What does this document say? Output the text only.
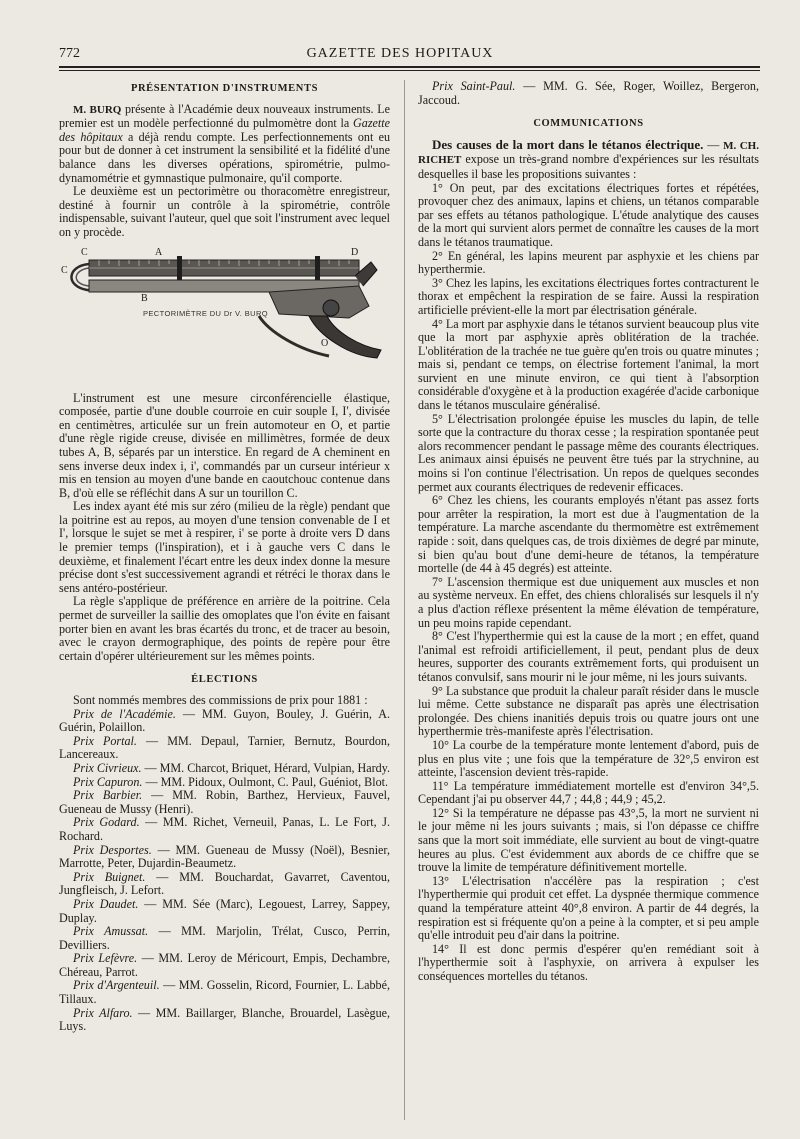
772	GAZETTE DES HOPITAUX
PRÉSENTATION D'INSTRUMENTS

M. BURQ présente à l'Académie deux nouveaux instruments. Le premier est un modèle perfectionné du pulmomètre dont la Gazette des hôpitaux a déjà rendu compte. Les perfectionnements ont eu pour but de donner à cet instrument la sensibilité et la fidélité d'une balance dans les diverses opérations, spirométrie, pulmo-dynamométrie et gymnastique pulmonaire, qu'il comporte.

Le deuxième est un pectorimètre ou thoracomètre enregistreur, destiné à fournir un contrôle à la spirométrie, contrôle indispensable, suivant l'auteur, quel que soit l'instrument avec lequel on y procède.

C	A	D
C
B
O
PECTORIMÈTRE DU Dr V. BURQ

L'instrument est une mesure circonférencielle élastique, composée, partie d'une double courroie en cuir souple I, I', divisée en centimètres, articulée sur un frein automoteur en O, et partie d'une règle rigide creuse, divisée en millimètres, formée de deux tubes A, B, séparés par un interstice. En regard de A cheminent en sens inverse deux index i, i', commandés par un curseur intérieur x mis en tension au moyen d'une bande en caoutchouc contenue dans B, d'où elle se réfléchit dans A sur un tourillon C.

Les index ayant été mis sur zéro (milieu de la règle) pendant que la poitrine est au repos, au moyen d'une tension convenable de I et I', lorsque le sujet se met à respirer, i' se porte à droite vers D dans le premier temps (l'inspiration), et i à gauche vers C dans le deuxième, et finalement l'écart entre les deux index donne la mesure précise dont s'est successivement agrandi et rétréci le thorax dans le sens antéro-postérieur.

La règle s'applique de préférence en arrière de la poitrine. Cela permet de surveiller la saillie des omoplates que l'on évite en faisant porter bien en avant les bras écartés du tronc, et de tracer au besoin, avec le crayon dermographique, des points de repère pour être certain d'opérer ultérieurement sur les mêmes points.

ÉLECTIONS

Sont nommés membres des commissions de prix pour 1881 :

Prix de l'Académie. — MM. Guyon, Bouley, J. Guérin, A. Guérin, Polaillon.

Prix Portal. — MM. Depaul, Tarnier, Bernutz, Bourdon, Lancereaux.

Prix Civrieux. — MM. Charcot, Briquet, Hérard, Vulpian, Hardy.

Prix Capuron. — MM. Pidoux, Oulmont, C. Paul, Guéniot, Blot.

Prix Barbier. — MM. Robin, Barthez, Hervieux, Fauvel, Gueneau de Mussy (Henri).

Prix Godard. — MM. Richet, Verneuil, Panas, L. Le Fort, J. Rochard.

Prix Desportes. — MM. Gueneau de Mussy (Noël), Besnier, Marrotte, Peter, Dujardin-Beaumetz.

Prix Buignet. — MM. Bouchardat, Gavarret, Caventou, Jungfleisch, J. Lefort.

Prix Daudet. — MM. Sée (Marc), Legouest, Larrey, Sappey, Duplay.

Prix Amussat. — MM. Marjolin, Trélat, Cusco, Perrin, Devilliers.

Prix Lefèvre. — MM. Leroy de Méricourt, Empis, Dechambre, Chéreau, Parrot.

Prix d'Argenteuil. — MM. Gosselin, Ricord, Fournier, L. Labbé, Tillaux.

Prix Alfaro. — MM. Baillarger, Blanche, Brouardel, Lasègue, Luys.

Prix Saint-Paul. — MM. G. Sée, Roger, Woillez, Bergeron, Jaccoud.

COMMUNICATIONS

Des causes de la mort dans le tétanos électrique. — M. CH. RICHET expose un très-grand nombre d'expériences sur les résultats desquelles il base les propositions suivantes :

1° On peut, par des excitations électriques fortes et répétées, provoquer chez des animaux, lapins et chiens, un tétanos comparable par ses effets au tétanos pathologique. L'étude analytique des causes de la mort qui survient alors permet de connaître les causes de la mort dans le tétanos traumatique.

2° En général, les lapins meurent par asphyxie et les chiens par hyperthermie.

3° Chez les lapins, les excitations électriques fortes contracturent le thorax et empêchent la respiration de se faire. Aussi la respiration artificielle prévient-elle la mort par électrisation générale.

4° La mort par asphyxie dans le tétanos survient beaucoup plus vite que la mort par asphyxie après oblitération de la trachée. L'oblitération de la trachée ne tue guère qu'en trois ou quatre minutes ; mais si, pendant ce temps, on électrise fortement l'animal, la mort survient en une minute environ, ce qui tient à l'absorption considérable d'oxygène et à la production exagérée d'acide carbonique dans le tétanos musculaire généralisé.

5° L'électrisation prolongée épuise les muscles du lapin, de telle sorte que la contracture du thorax cesse ; la respiration spontanée peut alors recommencer pendant le passage même des courants électriques. Les animaux ainsi épuisés ne peuvent être tués par la strychnine, au moins si l'on continue l'électrisation. Un repos de quelques secondes permet aux courants électriques de redevenir efficaces.

6° Chez les chiens, les courants employés n'étant pas assez forts pour arrêter la respiration, la mort est due à l'augmentation de la température. La marche ascendante du thermomètre est extrêmement rapide : soit, dans quelques cas, de trois dixièmes de degré par minute, si bien qu'au bout d'une demi-heure de tétanos, la température mortelle (de 44 à 45 degrés) est atteinte.

7° L'ascension thermique est due uniquement aux muscles et non au système nerveux. En effet, des chiens chloralisés sur lesquels il n'y a plus d'action réflexe présentent la même élévation de température, un peu moins rapide cependant.

8° C'est l'hyperthermie qui est la cause de la mort ; en effet, quand l'animal est refroidi artificiellement, il peut, pendant plus de deux heures, supporter des courants extrêmement forts, qui produisent un tétanos convulsif, sans mourir ni le jour même, ni les jours suivants.

9° La substance que produit la chaleur paraît résider dans le muscle lui même. Cette substance ne disparaît pas après une électrisation prolongée. Des chiens inanitiés depuis trois ou quatre jours ont une hyperthermie très-manifeste après l'électrisation.

10° La courbe de la température monte lentement d'abord, puis de plus en plus vite ; une fois que la température de 32°,5 environ est atteinte, l'ascension devient très-rapide.

11° La température immédiatement mortelle est d'environ 34°,5. Cependant j'ai pu observer 44,7 ; 44,8 ; 44,9 ; 45,2.

12° Si la température ne dépasse pas 43°,5, la mort ne survient ni le jour même ni les jours suivants ; mais, si l'on dépasse ce chiffre sans que la mort soit immédiate, elle survient au bout de vingt-quatre heures au plus. C'est évidemment aux abords de ce chiffre que se trouve la limite de température définitivement mortelle.

13° L'électrisation n'accélère pas la respiration ; c'est l'hyperthermie qui produit cet effet. La dyspnée thermique commence quand la température atteint 40°,8 environ. A partir de 44 degrés, la respiration est si fréquente qu'on a peine à la compter, et si peu ample qu'elle introduit peu d'air dans la poitrine.

14° Il est donc permis d'espérer qu'en remédiant soit à l'hyperthermie soit à l'asphyxie, on arrivera à expulser les conséquences mortelles du tétanos.
